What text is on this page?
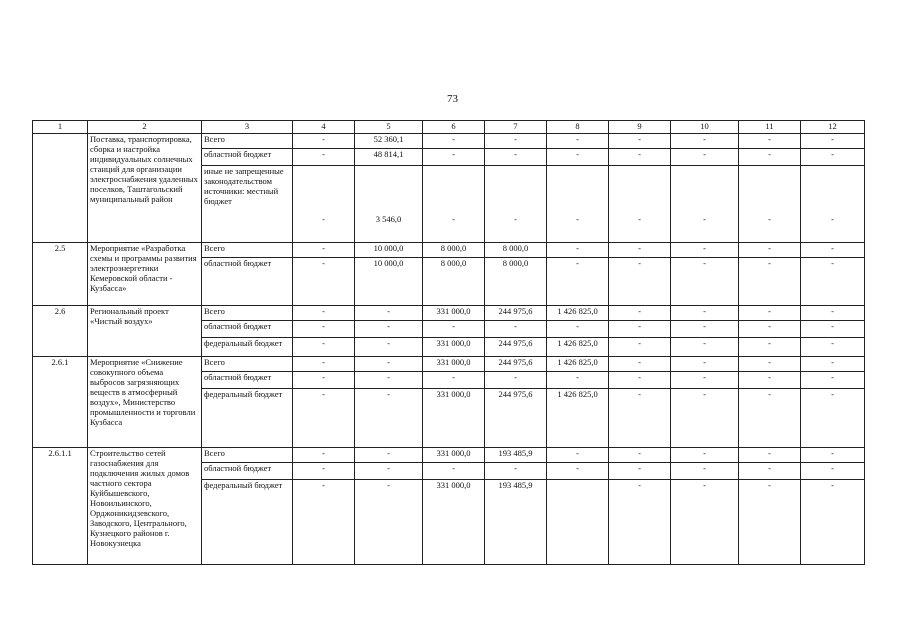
73
1	2	3	4	5	6	7	8	9	10	11	12
	Поставка, транспортировка, сборка и настройка индивидуальных солнечных станций для организации электроснабжения удаленных поселков, Таштагольский муниципальный район	Всего	-	52 360,1	-	-	-	-	-	-	-

		областной бюджет	-	48 814,1	-	-	-	-	-	-	-

		иные не запрещенные законодательством источники: местный бюджет	-	3 546,0	-	-	-	-	-	-	-
2.5	Мероприятие «Разработка схемы и программы развития электроэнергетики Кемеровской области - Кузбасса»	Всего	-	10 000,0	8 000,0	8 000,0	-	-	-	-	-

		областной бюджет	-	10 000,0	8 000,0	8 000,0	-	-	-	-	-
2.6	Региональный проект «Чистый воздух»	Всего	-	-	331 000,0	244 975,6	1 426 825,0	-	-	-	-

		областной бюджет	-	-	-	-	-	-	-	-	-

		федеральный бюджет	-	-	331 000,0	244 975,6	1 426 825,0	-	-	-	-
2.6.1	Мероприятие «Снижение совокупного объема выбросов загрязняющих веществ в атмосферный воздух», Министерство промышленности и торговли Кузбасса	Всего	-	-	331 000,0	244 975,6	1 426 825,0	-	-	-	-

		областной бюджет	-	-	-	-	-	-	-	-	-

		федеральный бюджет	-	-	331 000,0	244 975,6	1 426 825,0	-	-	-	-
2.6.1.1	Строительство сетей газоснабжения для подключения жилых домов частного сектора Куйбышевского, Новоильинского, Орджоникидзевского, Заводского, Центрального, Кузнецкого районов г. Новокузнецка	Всего	-	-	331 000,0	193 485,9	-	-	-	-	-

		областной бюджет	-	-	-	-	-	-	-	-	-

		федеральный бюджет	-	-	331 000,0	193 485,9		-	-	-	-
